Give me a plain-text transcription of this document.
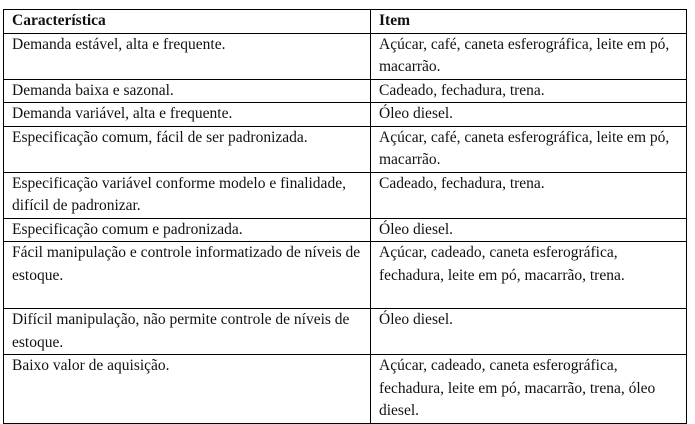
Característica	Item
Demanda estável, alta e frequente.	Açúcar, café, caneta esferográfica, leite em pó, macarrão.
Demanda baixa e sazonal.	Cadeado, fechadura, trena.
Demanda variável, alta e frequente.	Óleo diesel.
Especificação comum, fácil de ser padronizada.	Açúcar, café, caneta esferográfica, leite em pó, macarrão.
Especificação variável conforme modelo e finalidade, difícil de padronizar.	Cadeado, fechadura, trena.
Especificação comum e padronizada.	Óleo diesel.
Fácil manipulação e controle informatizado de níveis de estoque.	Açúcar, cadeado, caneta esferográfica, fechadura, leite em pó, macarrão, trena.
Difícil manipulação, não permite controle de níveis de estoque.	Óleo diesel.
Baixo valor de aquisição.	Açúcar, cadeado, caneta esferográfica, fechadura, leite em pó, macarrão, trena, óleo diesel.
